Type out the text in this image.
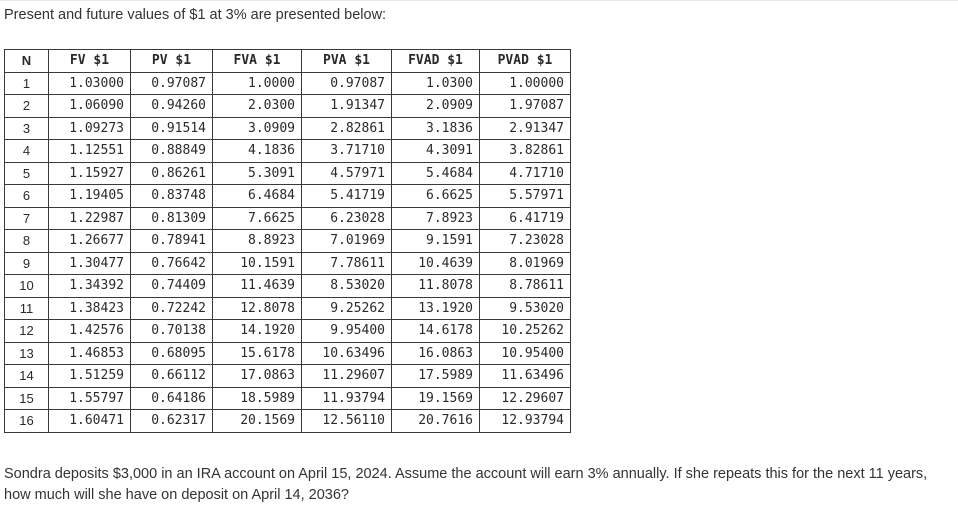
Present and future values of $1 at 3% are presented below:
N	FV $1	PV $1	FVA $1	PVA $1	FVAD $1	PVAD $1
1	1.03000	0.97087	1.0000	0.97087	1.0300	1.00000
2	1.06090	0.94260	2.0300	1.91347	2.0909	1.97087
3	1.09273	0.91514	3.0909	2.82861	3.1836	2.91347
4	1.12551	0.88849	4.1836	3.71710	4.3091	3.82861
5	1.15927	0.86261	5.3091	4.57971	5.4684	4.71710
6	1.19405	0.83748	6.4684	5.41719	6.6625	5.57971
7	1.22987	0.81309	7.6625	6.23028	7.8923	6.41719
8	1.26677	0.78941	8.8923	7.01969	9.1591	7.23028
9	1.30477	0.76642	10.1591	7.78611	10.4639	8.01969
10	1.34392	0.74409	11.4639	8.53020	11.8078	8.78611
11	1.38423	0.72242	12.8078	9.25262	13.1920	9.53020
12	1.42576	0.70138	14.1920	9.95400	14.6178	10.25262
13	1.46853	0.68095	15.6178	10.63496	16.0863	10.95400
14	1.51259	0.66112	17.0863	11.29607	17.5989	11.63496
15	1.55797	0.64186	18.5989	11.93794	19.1569	12.29607
16	1.60471	0.62317	20.1569	12.56110	20.7616	12.93794
Sondra deposits $3,000 in an IRA account on April 15, 2024. Assume the account will earn 3% annually. If she repeats this for the next 11 years, how much will she have on deposit on April 14, 2036?
